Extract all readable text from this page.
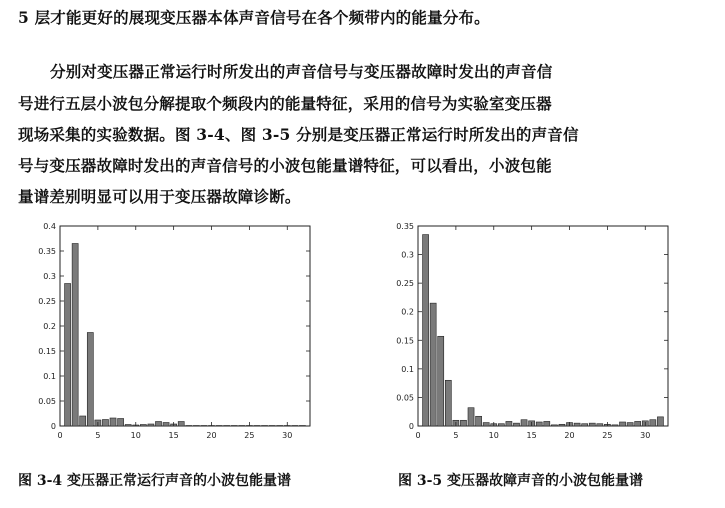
5 层才能更好的展现变压器本体声音信号在各个频带内的能量分布。
分别对变压器正常运行时所发出的声音信号与变压器故障时发出的声音信
号进行五层小波包分解提取个频段内的能量特征，采用的信号为实验室变压器
现场采集的实验数据。图 3-4、图 3-5 分别是变压器正常运行时所发出的声音信
号与变压器故障时发出的声音信号的小波包能量谱特征，可以看出，小波包能
量谱差别明显可以用于变压器故障诊断。
0
0.05
0.1
0.15
0.2
0.25
0.3
0.35
0.4
0	5	10	15	20	25	30
0
0.05
0.1
0.15
0.2
0.25
0.3
0.35
0	5	10	15	20	25	30
图 3-4 变压器正常运行声音的小波包能量谱	图 3-5 变压器故障声音的小波包能量谱
